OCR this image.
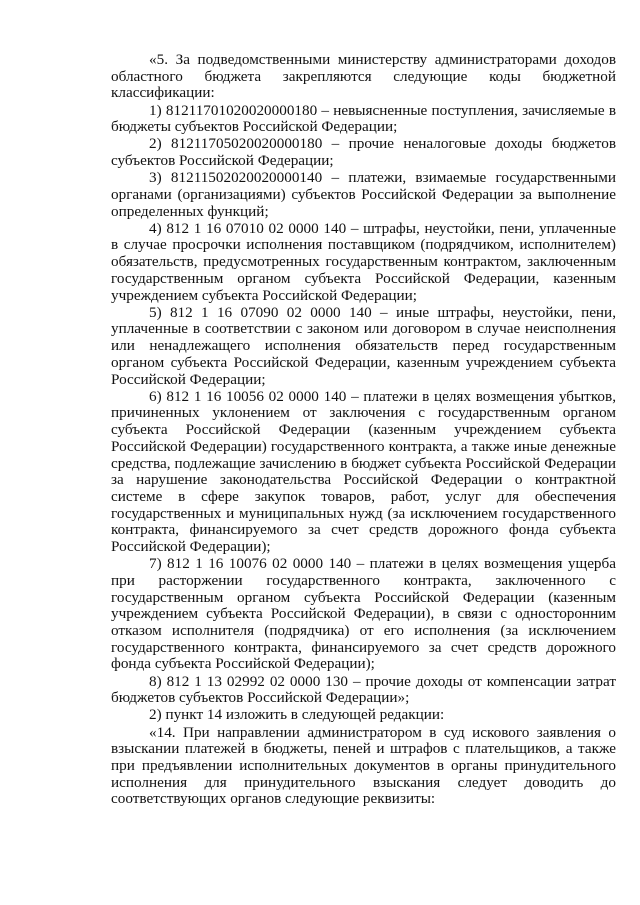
«5. За подведомственными министерству администраторами доходов областного бюджета закрепляются следующие коды бюджетной классификации:

1) 81211701020020000180 – невыясненные поступления, зачисляемые в бюджеты субъектов Российской Федерации;

2) 81211705020020000180 – прочие неналоговые доходы бюджетов субъектов Российской Федерации;

3) 81211502020020000140 – платежи, взимаемые государственными органами (организациями) субъектов Российской Федерации за выполнение определенных функций;

4) 812 1 16 07010 02 0000 140 – штрафы, неустойки, пени, уплаченные в случае просрочки исполнения поставщиком (подрядчиком, исполнителем) обязательств, предусмотренных государственным контрактом, заключенным государственным органом субъекта Российской Федерации, казенным учреждением субъекта Российской Федерации;

5) 812 1 16 07090 02 0000 140 – иные штрафы, неустойки, пени, уплаченные в соответствии с законом или договором в случае неисполнения или ненадлежащего исполнения обязательств перед государственным органом субъекта Российской Федерации, казенным учреждением субъекта Российской Федерации;

6) 812 1 16 10056 02 0000 140 – платежи в целях возмещения убытков, причиненных уклонением от заключения с государственным органом субъекта Российской Федерации (казенным учреждением субъекта Российской Федерации) государственного контракта, а также иные денежные средства, подлежащие зачислению в бюджет субъекта Российской Федерации за нарушение законодательства Российской Федерации о контрактной системе в сфере закупок товаров, работ, услуг для обеспечения государственных и муниципальных нужд (за исключением государственного контракта, финансируемого за счет средств дорожного фонда субъекта Российской Федерации);

7) 812 1 16 10076 02 0000 140 – платежи в целях возмещения ущерба при расторжении государственного контракта, заключенного с государственным органом субъекта Российской Федерации (казенным учреждением субъекта Российской Федерации), в связи с односторонним отказом исполнителя (подрядчика) от его исполнения (за исключением государственного контракта, финансируемого за счет средств дорожного фонда субъекта Российской Федерации);

8) 812 1 13 02992 02 0000 130 – прочие доходы от компенсации затрат бюджетов субъектов Российской Федерации»;

2) пункт 14 изложить в следующей редакции:

«14. При направлении администратором в суд искового заявления о взыскании платежей в бюджеты, пеней и штрафов с плательщиков, а также при предъявлении исполнительных документов в органы принудительного исполнения для принудительного взыскания следует доводить до соответствующих органов следующие реквизиты:
